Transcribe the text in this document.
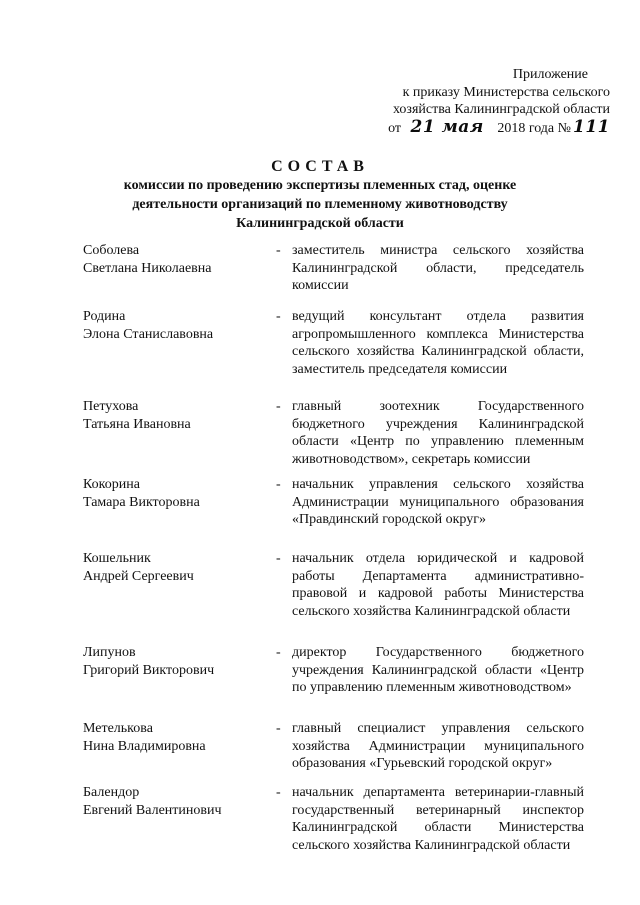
Приложение
к приказу Министерства сельского
хозяйства Калининградской области
от 21 мая 2018 года № 111
СОСТАВ
комиссии по проведению экспертизы племенных стад, оценке деятельности организаций по племенному животноводству Калининградской области
Соболева
Светлана Николаевна
- заместитель министра сельского хозяйства Калининградской области, председатель комиссии
Родина
Элона Станиславовна
- ведущий консультант отдела развития агропромышленного комплекса Министерства сельского хозяйства Калининградской области, заместитель председателя комиссии
Петухова
Татьяна Ивановна
- главный зоотехник Государственного бюджетного учреждения Калининградской области «Центр по управлению племенным животноводством», секретарь комиссии
Кокорина
Тамара Викторовна
- начальник управления сельского хозяйства Администрации муниципального образования «Правдинский городской округ»
Кошельник
Андрей Сергеевич
- начальник отдела юридической и кадровой работы Департамента административно-правовой и кадровой работы Министерства сельского хозяйства Калининградской области
Липунов
Григорий Викторович
- директор Государственного бюджетного учреждения Калининградской области «Центр по управлению племенным животноводством»
Метелькова
Нина Владимировна
- главный специалист управления сельского хозяйства Администрации муниципального образования «Гурьевский городской округ»
Балендор
Евгений Валентинович
- начальник департамента ветеринарии-главный государственный ветеринарный инспектор Калининградской области Министерства сельского хозяйства Калининградской области
